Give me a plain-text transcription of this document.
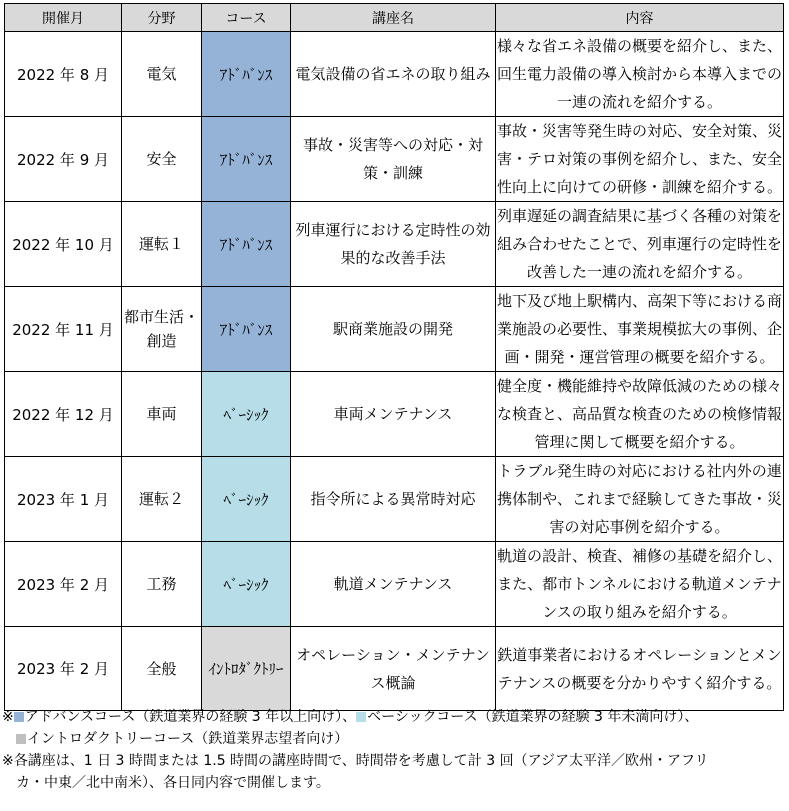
開催月	分野	コース	講座名	内容
2022 年 8 月	電気	ｱﾄﾞﾊﾞﾝｽ	電気設備の省エネの取り組み	様々な省エネ設備の概要を紹介し、また、回生電力設備の導入検討から本導入までの一連の流れを紹介する。
2022 年 9 月	安全	ｱﾄﾞﾊﾞﾝｽ	事故・災害等への対応・対策・訓練	事故・災害等発生時の対応、安全対策、災害・テロ対策の事例を紹介し、また、安全性向上に向けての研修・訓練を紹介する。
2022 年 10 月	運転１	ｱﾄﾞﾊﾞﾝｽ	列車運行における定時性の効果的な改善手法	列車遅延の調査結果に基づく各種の対策を組み合わせたことで、列車運行の定時性を改善した一連の流れを紹介する。
2022 年 11 月	都市生活・創造	ｱﾄﾞﾊﾞﾝｽ	駅商業施設の開発	地下及び地上駅構内、高架下等における商業施設の必要性、事業規模拡大の事例、企画・開発・運営管理の概要を紹介する。
2022 年 12 月	車両	ﾍﾞｰｼｯｸ	車両メンテナンス	健全度・機能維持や故障低減のための様々な検査と、高品質な検査のための検修情報管理に関して概要を紹介する。
2023 年 1 月	運転２	ﾍﾞｰｼｯｸ	指令所による異常時対応	トラブル発生時の対応における社内外の連携体制や、これまで経験してきた事故・災害の対応事例を紹介する。
2023 年 2 月	工務	ﾍﾞｰｼｯｸ	軌道メンテナンス	軌道の設計、検査、補修の基礎を紹介し、また、都市トンネルにおける軌道メンテナンスの取り組みを紹介する。
2023 年 2 月	全般	ｲﾝﾄﾛﾀﾞｸﾄﾘｰ	オペレーション・メンテナンス概論	鉄道事業者におけるオペレーションとメンテナンスの概要を分かりやすく紹介する。
※ アドバンスコース（鉄道業界の経験 3 年以上向け）、 ベーシックコース（鉄道業界の経験 3 年未満向け）、
イントロダクトリーコース（鉄道業界志望者向け）
※各講座は、1 日 3 時間または 1.5 時間の講座時間で、時間帯を考慮して計 3 回（アジア太平洋／欧州・アフリ
カ・中東／北中南米）、各日同内容で開催します。
